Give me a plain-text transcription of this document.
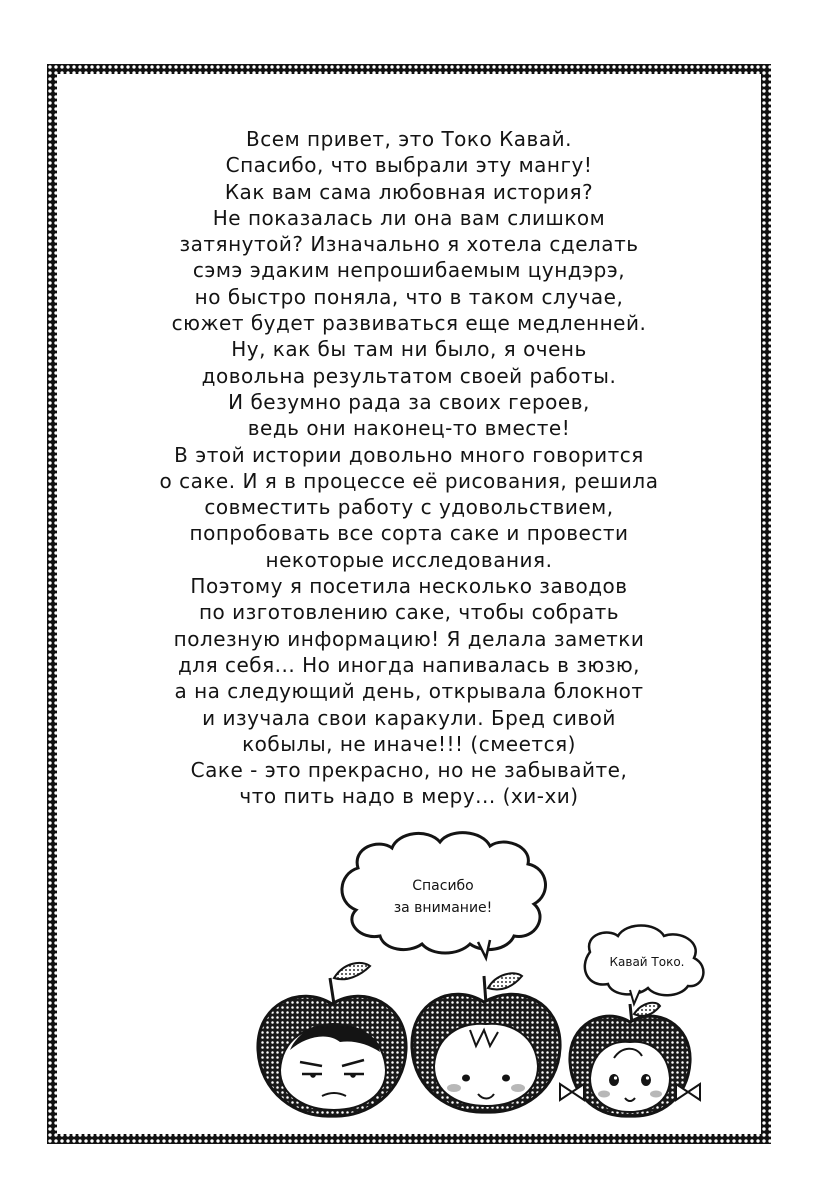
Всем привет, это Токо Кавай.
Спасибо, что выбрали эту мангу!
Как вам сама любовная история?
Не показалась ли она вам слишком
затянутой? Изначально я хотела сделать
сэмэ эдаким непрошибаемым цундэрэ,
но быстро поняла, что в таком случае,
сюжет будет развиваться еще медленней.
Ну, как бы там ни было, я очень
довольна результатом своей работы.
И безумно рада за своих героев,
ведь они наконец-то вместе!
В этой истории довольно много говорится
о саке. И я в процессе её рисования, решила
совместить работу с удовольствием,
попробовать все сорта саке и провести
некоторые исследования.
Поэтому я посетила несколько заводов
по изготовлению саке, чтобы собрать
полезную информацию! Я делала заметки
для себя... Но иногда напивалась в зюзю,
а на следующий день, открывала блокнот
и изучала свои каракули. Бред сивой
кобылы, не иначе!!! (смеется)
Саке - это прекрасно, но не забывайте,
что пить надо в меру... (хи-хи)
Спасибо
за внимание!
Кавай Токо.
